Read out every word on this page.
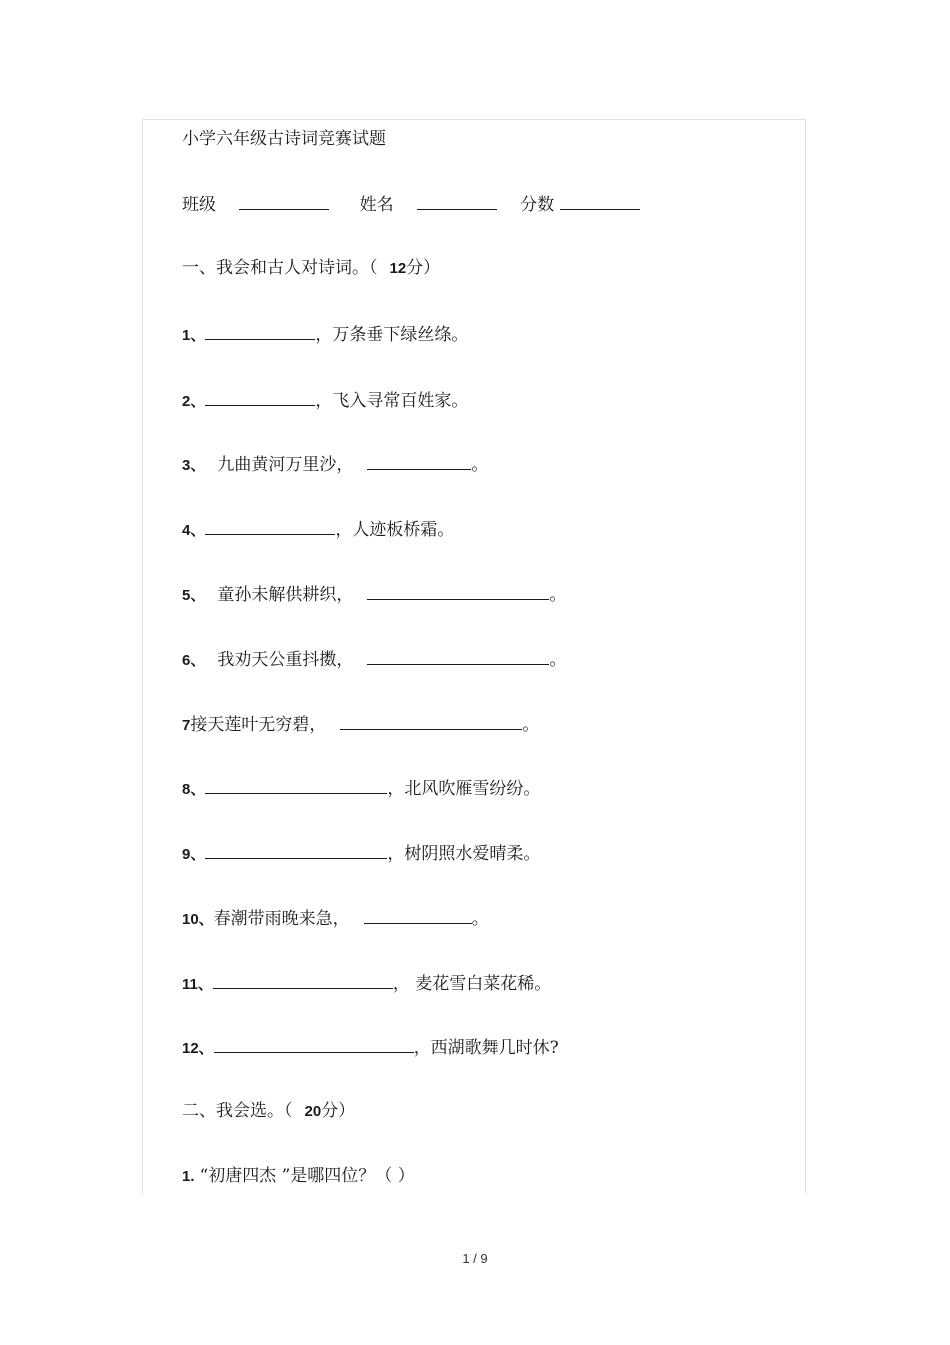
小学六年级古诗词竞赛试题
班级	姓名	分数
一、我会和古人对诗词。（ 12分）
1、	，万条垂下绿丝绦。
2、	，飞入寻常百姓家。
3、 九曲黄河万里沙，	。
4、	，人迹板桥霜。
5、 童孙未解供耕织，	。
6、 我劝天公重抖擞，	。
7接天莲叶无穷碧，	。
8、	，北风吹雁雪纷纷。
9、	，树阴照水爱晴柔。
10、春潮带雨晚来急，	。
11、	， 麦花雪白菜花稀。
12、	，西湖歌舞几时休?
二、我会选。（ 20分）
1. “初唐四杰 ”是哪四位？（ ）
1 / 9
